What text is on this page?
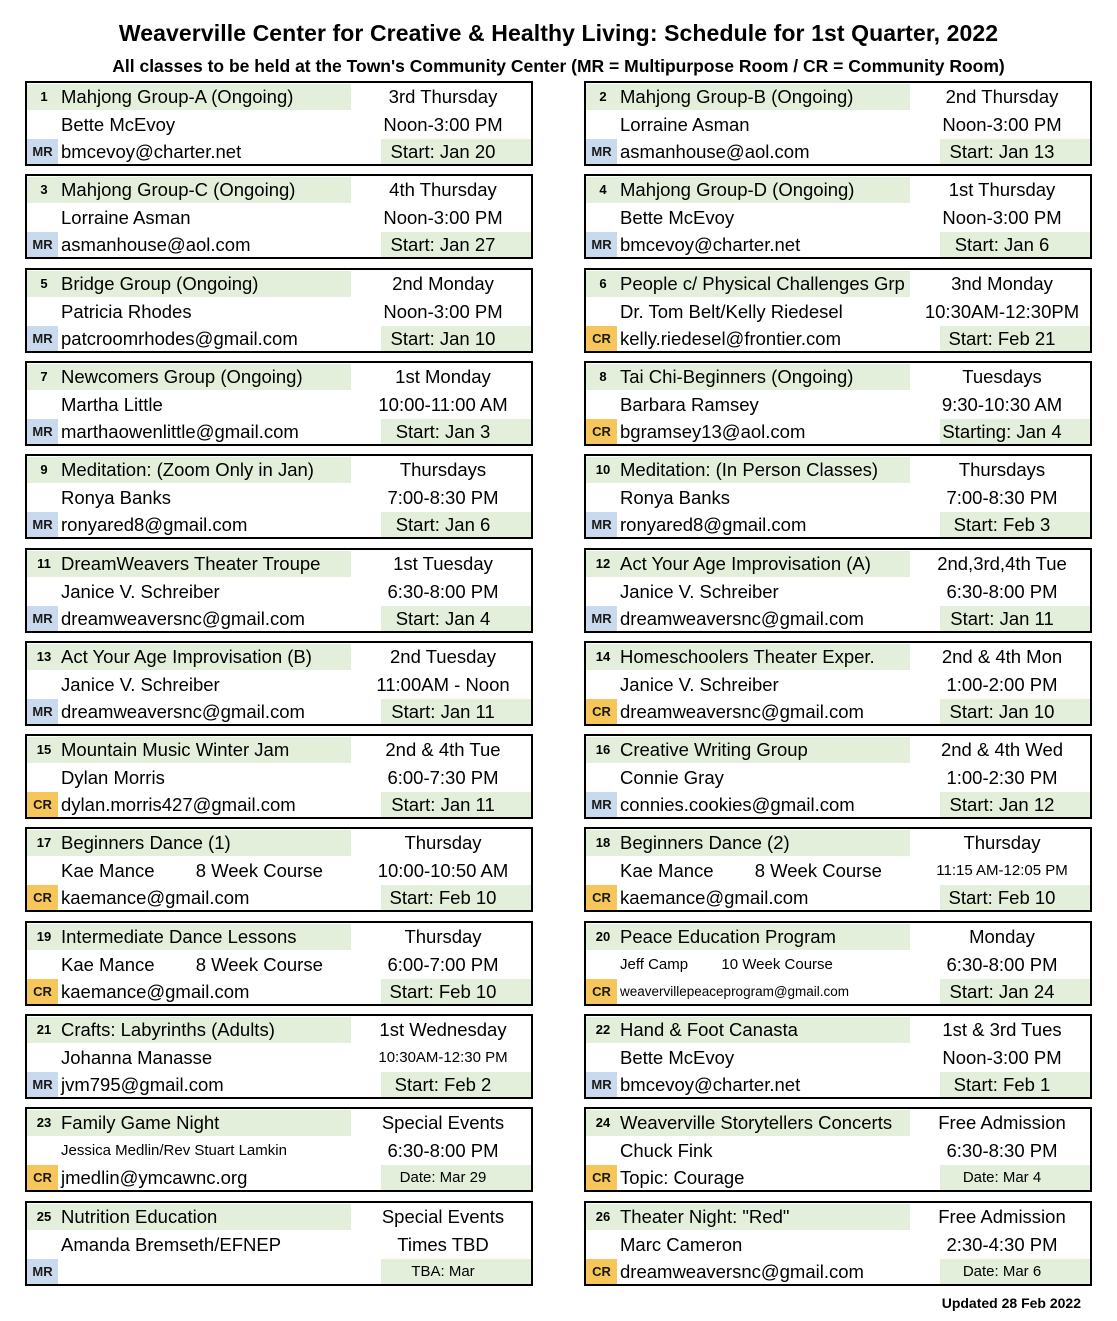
Weaverville Center for Creative & Healthy Living: Schedule for 1st Quarter, 2022
All classes to be held at the Town's Community Center (MR = Multipurpose Room / CR = Community Room)
1 Mahjong Group-A (Ongoing)	3rd Thursday
Bette McEvoy	Noon-3:00 PM
MR bmcevoy@charter.net	Start: Jan 20
2 Mahjong Group-B (Ongoing)	2nd Thursday
Lorraine Asman	Noon-3:00 PM
MR asmanhouse@aol.com	Start: Jan 13
3 Mahjong Group-C (Ongoing)	4th Thursday
Lorraine Asman	Noon-3:00 PM
MR asmanhouse@aol.com	Start: Jan 27
4 Mahjong Group-D (Ongoing)	1st Thursday
Bette McEvoy	Noon-3:00 PM
MR bmcevoy@charter.net	Start: Jan 6
5 Bridge Group (Ongoing)	2nd Monday
Patricia Rhodes	Noon-3:00 PM
MR patcroomrhodes@gmail.com	Start: Jan 10
6 People c/ Physical Challenges Grp	3nd Monday
Dr. Tom Belt/Kelly Riedesel	10:30AM-12:30PM
CR kelly.riedesel@frontier.com	Start: Feb 21
7 Newcomers Group (Ongoing)	1st Monday
Martha Little	10:00-11:00 AM
MR marthaowenlittle@gmail.com	Start: Jan 3
8 Tai Chi-Beginners (Ongoing)	Tuesdays
Barbara Ramsey	9:30-10:30 AM
CR bgramsey13@aol.com	Starting: Jan 4
9 Meditation: (Zoom Only in Jan)	Thursdays
Ronya Banks	7:00-8:30 PM
MR ronyared8@gmail.com	Start: Jan 6
10 Meditation: (In Person Classes)	Thursdays
Ronya Banks	7:00-8:30 PM
MR ronyared8@gmail.com	Start: Feb 3
11 DreamWeavers Theater Troupe	1st Tuesday
Janice V. Schreiber	6:30-8:00 PM
MR dreamweaversnc@gmail.com	Start: Jan 4
12 Act Your Age Improvisation (A)	2nd,3rd,4th Tue
Janice V. Schreiber	6:30-8:00 PM
MR dreamweaversnc@gmail.com	Start: Jan 11
13 Act Your Age Improvisation (B)	2nd Tuesday
Janice V. Schreiber	11:00AM - Noon
MR dreamweaversnc@gmail.com	Start: Jan 11
14 Homeschoolers Theater Exper.	2nd & 4th Mon
Janice V. Schreiber	1:00-2:00 PM
CR dreamweaversnc@gmail.com	Start: Jan 10
15 Mountain Music Winter Jam	2nd & 4th Tue
Dylan Morris	6:00-7:30 PM
CR dylan.morris427@gmail.com	Start: Jan 11
16 Creative Writing Group	2nd & 4th Wed
Connie Gray	1:00-2:30 PM
MR connies.cookies@gmail.com	Start: Jan 12
17 Beginners Dance (1)	Thursday
Kae Mance        8 Week Course	10:00-10:50 AM
CR kaemance@gmail.com	Start: Feb 10
18 Beginners Dance (2)	Thursday
Kae Mance        8 Week Course	11:15 AM-12:05 PM
CR kaemance@gmail.com	Start: Feb 10
19 Intermediate Dance Lessons	Thursday
Kae Mance        8 Week Course	6:00-7:00 PM
CR kaemance@gmail.com	Start: Feb 10
20 Peace Education Program	Monday
Jeff Camp        10 Week Course	6:30-8:00 PM
CR weavervillepeaceprogram@gmail.com	Start: Jan 24
21 Crafts: Labyrinths (Adults)	1st Wednesday
Johanna Manasse	10:30AM-12:30 PM
MR jvm795@gmail.com	Start: Feb 2
22 Hand & Foot Canasta	1st & 3rd Tues
Bette McEvoy	Noon-3:00 PM
MR bmcevoy@charter.net	Start: Feb 1
23 Family Game Night	Special Events
Jessica Medlin/Rev Stuart Lamkin	6:30-8:00 PM
CR jmedlin@ymcawnc.org	Date: Mar 29
24 Weaverville Storytellers Concerts	Free Admission
Chuck Fink	6:30-8:30 PM
CR Topic: Courage	Date: Mar 4
25 Nutrition Education	Special Events
Amanda Bremseth/EFNEP	Times TBD
MR	TBA: Mar
26 Theater Night: "Red"	Free Admission
Marc Cameron	2:30-4:30 PM
CR dreamweaversnc@gmail.com	Date: Mar 6
Updated 28 Feb 2022
